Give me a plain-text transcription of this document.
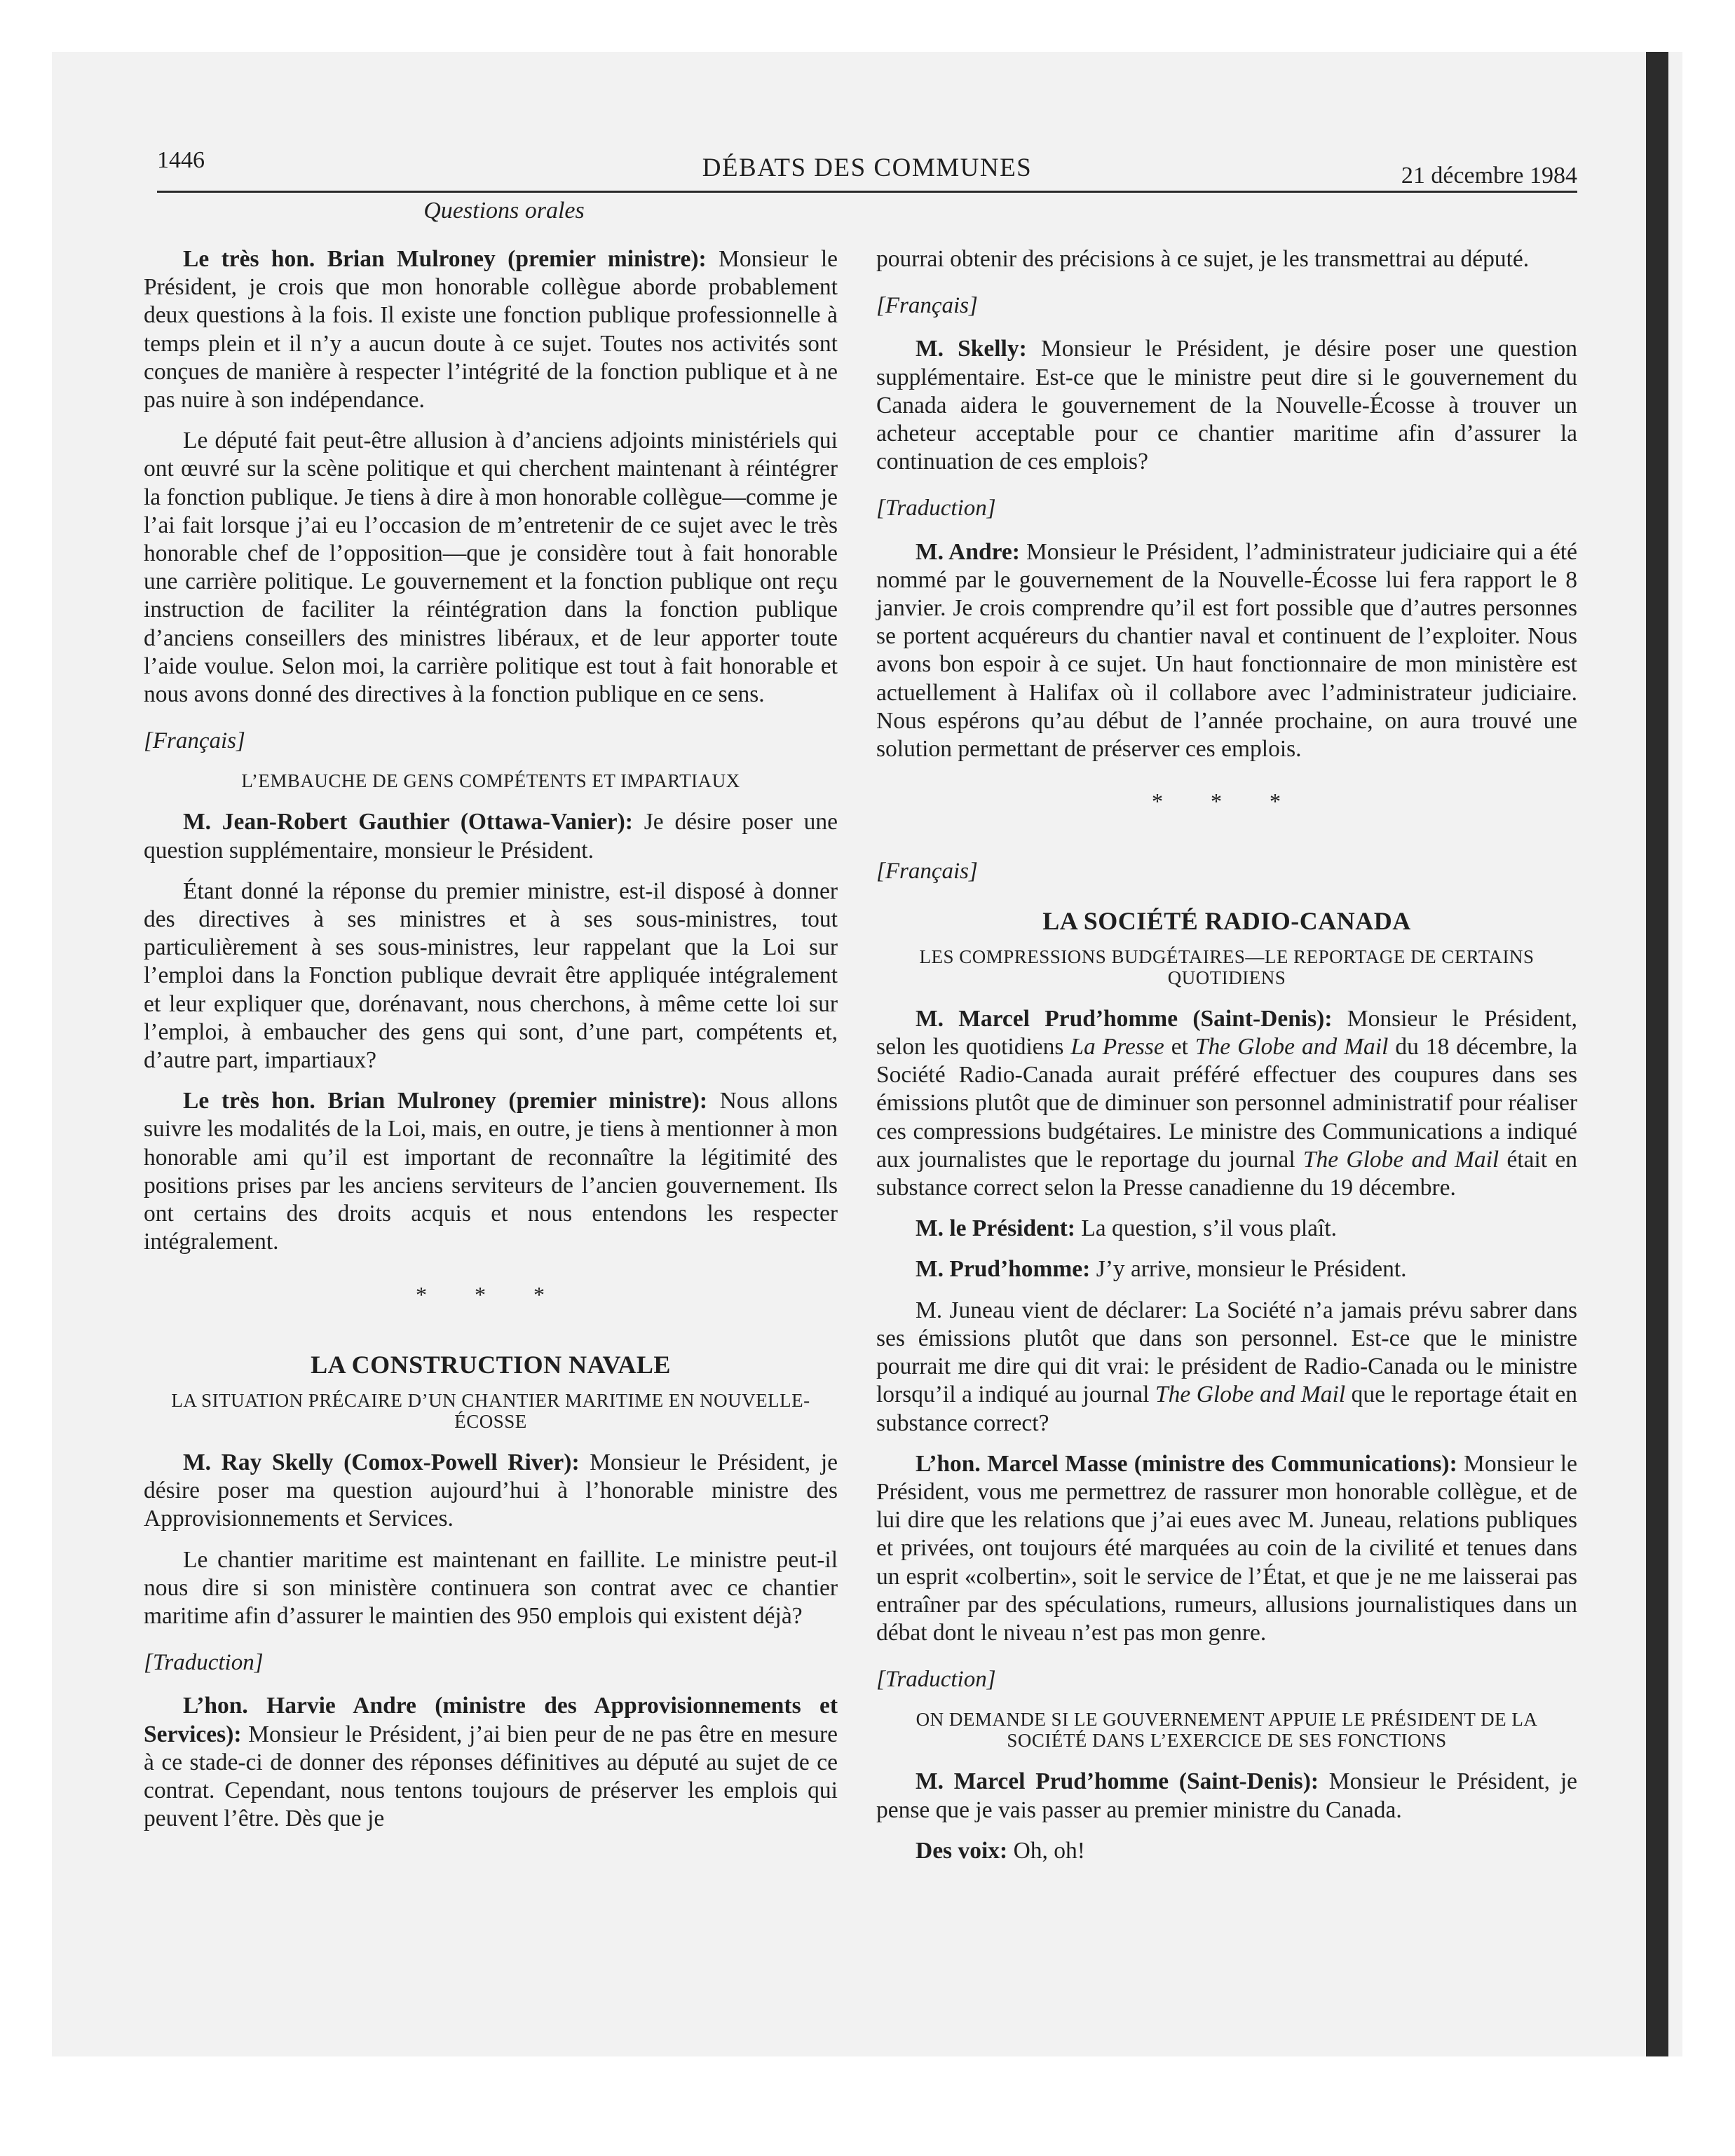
1446	DÉBATS DES COMMUNES	21 décembre 1984
Questions orales

Le très hon. Brian Mulroney (premier ministre): Monsieur le Président, je crois que mon honorable collègue aborde probablement deux questions à la fois. Il existe une fonction publique professionnelle à temps plein et il n’y a aucun doute à ce sujet. Toutes nos activités sont conçues de manière à respecter l’intégrité de la fonction publique et à ne pas nuire à son indépendance.

Le député fait peut-être allusion à d’anciens adjoints ministériels qui ont œuvré sur la scène politique et qui cherchent maintenant à réintégrer la fonction publique. Je tiens à dire à mon honorable collègue—comme je l’ai fait lorsque j’ai eu l’occasion de m’entretenir de ce sujet avec le très honorable chef de l’opposition—que je considère tout à fait honorable une carrière politique. Le gouvernement et la fonction publique ont reçu instruction de faciliter la réintégration dans la fonction publique d’anciens conseillers des ministres libéraux, et de leur apporter toute l’aide voulue. Selon moi, la carrière politique est tout à fait honorable et nous avons donné des directives à la fonction publique en ce sens.

[Français]

L’EMBAUCHE DE GENS COMPÉTENTS ET IMPARTIAUX

M. Jean-Robert Gauthier (Ottawa-Vanier): Je désire poser une question supplémentaire, monsieur le Président.

Étant donné la réponse du premier ministre, est-il disposé à donner des directives à ses ministres et à ses sous-ministres, tout particulièrement à ses sous-ministres, leur rappelant que la Loi sur l’emploi dans la Fonction publique devrait être appliquée intégralement et leur expliquer que, dorénavant, nous cherchons, à même cette loi sur l’emploi, à embaucher des gens qui sont, d’une part, compétents et, d’autre part, impartiaux?

Le très hon. Brian Mulroney (premier ministre): Nous allons suivre les modalités de la Loi, mais, en outre, je tiens à mentionner à mon honorable ami qu’il est important de reconnaître la légitimité des positions prises par les anciens serviteurs de l’ancien gouvernement. Ils ont certains des droits acquis et nous entendons les respecter intégralement.

* * *
LA CONSTRUCTION NAVALE
LA SITUATION PRÉCAIRE D’UN CHANTIER MARITIME EN NOUVELLE-ÉCOSSE

M. Ray Skelly (Comox-Powell River): Monsieur le Président, je désire poser ma question aujourd’hui à l’honorable ministre des Approvisionnements et Services.

Le chantier maritime est maintenant en faillite. Le ministre peut-il nous dire si son ministère continuera son contrat avec ce chantier maritime afin d’assurer le maintien des 950 emplois qui existent déjà?

[Traduction]

L’hon. Harvie Andre (ministre des Approvisionnements et Services): Monsieur le Président, j’ai bien peur de ne pas être en mesure à ce stade-ci de donner des réponses définitives au député au sujet de ce contrat. Cependant, nous tentons toujours de préserver les emplois qui peuvent l’être. Dès que je

pourrai obtenir des précisions à ce sujet, je les transmettrai au député.

[Français]

M. Skelly: Monsieur le Président, je désire poser une question supplémentaire. Est-ce que le ministre peut dire si le gouvernement du Canada aidera le gouvernement de la Nouvelle-Écosse à trouver un acheteur acceptable pour ce chantier maritime afin d’assurer la continuation de ces emplois?

[Traduction]

M. Andre: Monsieur le Président, l’administrateur judiciaire qui a été nommé par le gouvernement de la Nouvelle-Écosse lui fera rapport le 8 janvier. Je crois comprendre qu’il est fort possible que d’autres personnes se portent acquéreurs du chantier naval et continuent de l’exploiter. Nous avons bon espoir à ce sujet. Un haut fonctionnaire de mon ministère est actuellement à Halifax où il collabore avec l’administrateur judiciaire. Nous espérons qu’au début de l’année prochaine, on aura trouvé une solution permettant de préserver ces emplois.

* * *

[Français]

LA SOCIÉTÉ RADIO-CANADA
LES COMPRESSIONS BUDGÉTAIRES—LE REPORTAGE DE CERTAINS QUOTIDIENS

M. Marcel Prud’homme (Saint-Denis): Monsieur le Président, selon les quotidiens La Presse et The Globe and Mail du 18 décembre, la Société Radio-Canada aurait préféré effectuer des coupures dans ses émissions plutôt que de diminuer son personnel administratif pour réaliser ces compressions budgétaires. Le ministre des Communications a indiqué aux journalistes que le reportage du journal The Globe and Mail était en substance correct selon la Presse canadienne du 19 décembre.

M. le Président: La question, s’il vous plaît.

M. Prud’homme: J’y arrive, monsieur le Président.

M. Juneau vient de déclarer: La Société n’a jamais prévu sabrer dans ses émissions plutôt que dans son personnel. Est-ce que le ministre pourrait me dire qui dit vrai: le président de Radio-Canada ou le ministre lorsqu’il a indiqué au journal The Globe and Mail que le reportage était en substance correct?

L’hon. Marcel Masse (ministre des Communications): Monsieur le Président, vous me permettrez de rassurer mon honorable collègue, et de lui dire que les relations que j’ai eues avec M. Juneau, relations publiques et privées, ont toujours été marquées au coin de la civilité et tenues dans un esprit «colbertin», soit le service de l’État, et que je ne me laisserai pas entraîner par des spéculations, rumeurs, allusions journalistiques dans un débat dont le niveau n’est pas mon genre.

[Traduction]

ON DEMANDE SI LE GOUVERNEMENT APPUIE LE PRÉSIDENT DE LA SOCIÉTÉ DANS L’EXERCICE DE SES FONCTIONS

M. Marcel Prud’homme (Saint-Denis): Monsieur le Président, je pense que je vais passer au premier ministre du Canada.

Des voix: Oh, oh!
